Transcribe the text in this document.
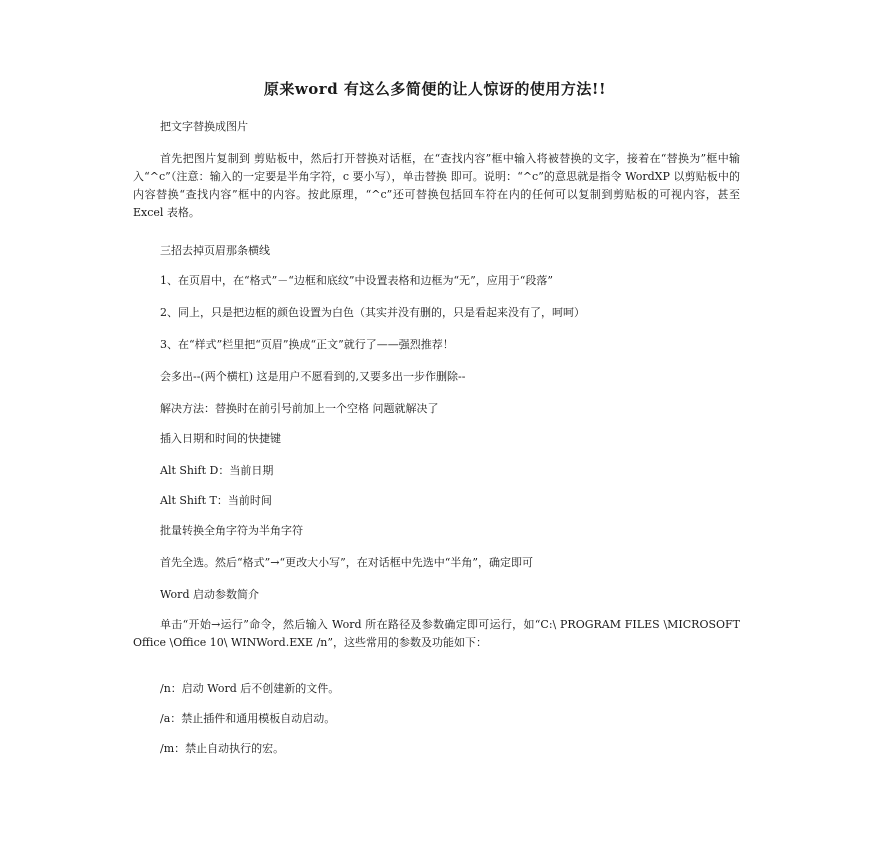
原来word 有这么多简便的让人惊讶的使用方法!!
把文字替换成图片
首先把图片复制到 剪贴板中，然后打开替换对话框，在“查找内容”框中输入将被替换的文字，接着在“替换为”框中输入“^c”（注意：输入的一定要是半角字符，c 要小写），单击替换 即可。说明：“^c”的意思就是指令 WordXP 以剪贴板中的内容替换“查找内容”框中的内容。按此原理，“^c”还可替换包括回车符在内的任何可以复制到剪贴板的可视内容，甚至 Excel 表格。
三招去掉页眉那条横线
1、在页眉中，在“格式”－“边框和底纹”中设置表格和边框为“无”，应用于“段落”
2、同上，只是把边框的颜色设置为白色（其实并没有删的，只是看起来没有了，呵呵）
3、在“样式”栏里把“页眉”换成“正文”就行了——强烈推荐！
会多出--(两个横杠) 这是用户不愿看到的,又要多出一步作删除--
解决方法：替换时在前引号前加上一个空格 问题就解决了
插入日期和时间的快捷键
Alt Shift D：当前日期
Alt Shift T：当前时间
批量转换全角字符为半角字符
首先全选。然后“格式”→“更改大小写”，在对话框中先选中“半角”，确定即可
Word 启动参数简介
单击“开始→运行”命令，然后输入 Word 所在路径及参数确定即可运行，如“C:\ PROGRAM FILES \MICROSOFT Office \Office 10\ WINWord.EXE /n”，这些常用的参数及功能如下：
/n：启动 Word 后不创建新的文件。
/a：禁止插件和通用模板自动启动。
/m：禁止自动执行的宏。
